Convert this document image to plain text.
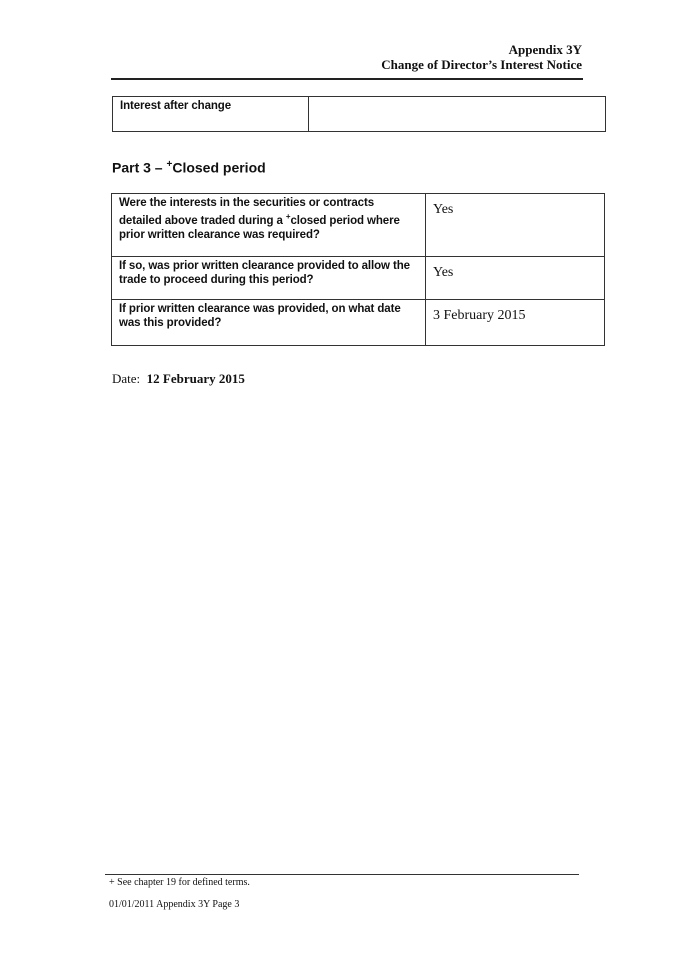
Appendix 3Y
Change of Director’s Interest Notice
Interest after change

Part 3 – +Closed period
Were the interests in the securities or contracts detailed above traded during a +closed period where prior written clearance was required?	Yes

If so, was prior written clearance provided to allow the trade to proceed during this period?	Yes

If prior written clearance was provided, on what date was this provided?	3 February 2015
Date: 12 February 2015
+ See chapter 19 for defined terms.
01/01/2011 Appendix 3Y Page 3
